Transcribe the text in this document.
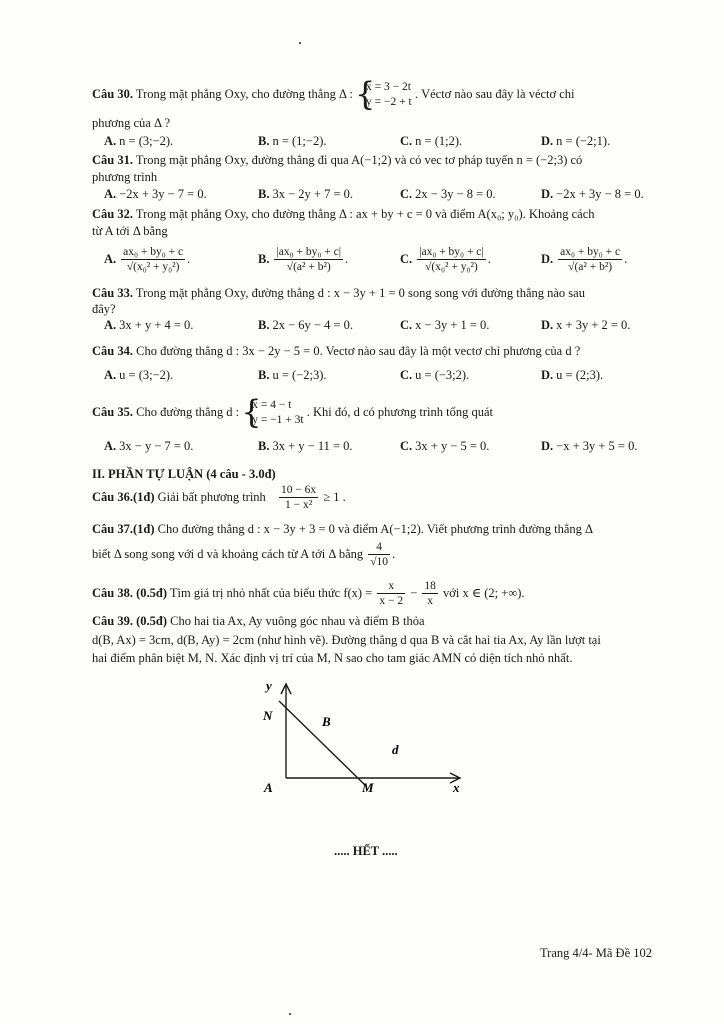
Câu 30. Trong mặt phẳng Oxy, cho đường thẳng Δ : { x = 3 − 2t
y = −2 + t . Véctơ nào sau đây là véctơ chỉ
phương của Δ ?
A. n = (3;−2).	B. n = (1;−2).	C. n = (1;2).	D. n = (−2;1).
Câu 31. Trong mặt phẳng Oxy, đường thẳng đi qua A(−1;2) và có vec tơ pháp tuyến n = (−2;3) có
phương trình
A. −2x + 3y − 7 = 0.	B. 3x − 2y + 7 = 0.	C. 2x − 3y − 8 = 0.	D. −2x + 3y − 8 = 0.
Câu 32. Trong mặt phẳng Oxy, cho đường thẳng Δ : ax + by + c = 0 và điểm A(x₀; y₀). Khoảng cách
từ A tới Δ bằng
A. $\frac{\text{ax₀ + by₀ + c}}{\text{√(x₀² + y₀²)}}$ .	B. $\frac{\text{|ax₀ + by₀ + c|}}{\text{√(a² + b²)}}$ .	C. $\frac{\text{|ax₀ + by₀ + c|}}{\text{√(x₀² + y₀²)}}$ .	D. $\frac{\text{ax₀ + by₀ + c}}{\text{√(a² + b²)}}$ .
Câu 33. Trong mặt phẳng Oxy, đường thẳng d : x − 3y + 1 = 0 song song với đường thẳng nào sau
đây?
A. 3x + y + 4 = 0.	B. 2x − 6y − 4 = 0.	C. x − 3y + 1 = 0.	D. x + 3y + 2 = 0.
Câu 34. Cho đường thẳng d : 3x − 2y − 5 = 0. Vectơ nào sau đây là một vectơ chỉ phương của d ?
A. u = (3;−2).	B. u = (−2;3).	C. u = (−3;2).	D. u = (2;3).
Câu 35. Cho đường thẳng d : { x = 4 − t
y = −1 + 3t . Khi đó, d có phương trình tổng quát
A. 3x − y − 7 = 0.	B. 3x + y − 11 = 0.	C. 3x + y − 5 = 0.	D. −x + 3y + 5 = 0.
II. PHẦN TỰ LUẬN (4 câu - 3.0đ)
Câu 36.(1đ) Giải bất phương trình $\frac{10 - 6x}{\text{1 − x²}} \ge 1$ .
Câu 37.(1đ) Cho đường thẳng d : x − 3y + 3 = 0 và điểm A(−1;2). Viết phương trình đường thẳng Δ
biết Δ song song với d và khoảng cách từ A tới Δ bằng $\frac{4}{√10}$ .
Câu 38. (0.5đ) Tìm giá trị nhỏ nhất của biểu thức $f(x) = \frac{x}{x - 2} - \frac{18}{x}$ với x ∈ (2; +∞).
Câu 39. (0.5đ) Cho hai tia Ax, Ay vuông góc nhau và điểm B thỏa
d(B, Ax) = 3cm, d(B, Ay) = 2cm (như hình vẽ). Đường thẳng d qua B và cắt hai tia Ax, Ay lần lượt tại
hai điểm phân biệt M, N. Xác định vị trí của M, N sao cho tam giác AMN có diện tích nhỏ nhất.
y
N	B
d
A	M	x
..... HẾT .....
Trang 4/4- Mã Đề 102
